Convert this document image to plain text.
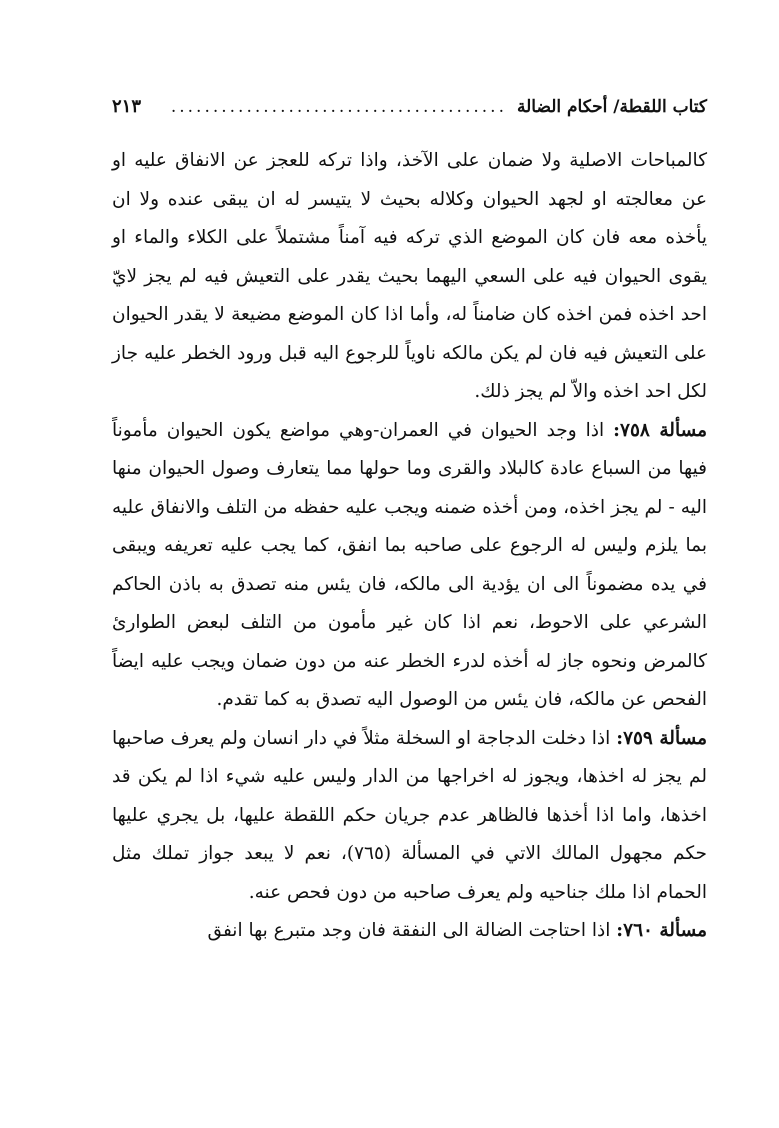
كتاب اللقطة/ أحكام الضالة
........................................
٢١٣

كالمباحات الاصلية ولا ضمان على الآخذ، واذا تركه للعجز عن الانفاق عليه او عن معالجته او لجهد الحيوان وكلاله بحيث لا يتيسر له ان يبقى عنده ولا ان يأخذه معه فان كان الموضع الذي تركه فيه آمناً مشتملاً على الكلاء والماء او يقوى الحيوان فيه على السعي اليهما بحيث يقدر على التعيش فيه لم يجز لايّ احد اخذه فمن اخذه كان ضامناً له، وأما اذا كان الموضع مضيعة لا يقدر الحيوان على التعيش فيه فان لم يكن مالكه ناوياً للرجوع اليه قبل ورود الخطر عليه جاز لكل احد اخذه والاّ لم يجز ذلك.

مسألة ٧٥٨: اذا وجد الحيوان في العمران-وهي مواضع يكون الحيوان مأموناً فيها من السباع عادة كالبلاد والقرى وما حولها مما يتعارف وصول الحيوان منها اليه - لم يجز اخذه، ومن أخذه ضمنه ويجب عليه حفظه من التلف والانفاق عليه بما يلزم وليس له الرجوع على صاحبه بما انفق، كما يجب عليه تعريفه ويبقى في يده مضموناً الى ان يؤدية الى مالكه، فان يئس منه تصدق به باذن الحاكم الشرعي على الاحوط، نعم اذا كان غير مأمون من التلف لبعض الطوارئ كالمرض ونحوه جاز له أخذه لدرء الخطر عنه من دون ضمان ويجب عليه ايضاً الفحص عن مالكه، فان يئس من الوصول اليه تصدق به كما تقدم.

مسألة ٧٥٩: اذا دخلت الدجاجة او السخلة مثلاً في دار انسان ولم يعرف صاحبها لم يجز له اخذها، ويجوز له اخراجها من الدار وليس عليه شيء اذا لم يكن قد اخذها، واما اذا أخذها فالظاهر عدم جريان حكم اللقطة عليها، بل يجري عليها حكم مجهول المالك الاتي في المسألة (٧٦٥)، نعم لا يبعد جواز تملك مثل الحمام اذا ملك جناحيه ولم يعرف صاحبه من دون فحص عنه.

مسألة ٧٦٠: اذا احتاجت الضالة الى النفقة فان وجد متبرع بها انفق
